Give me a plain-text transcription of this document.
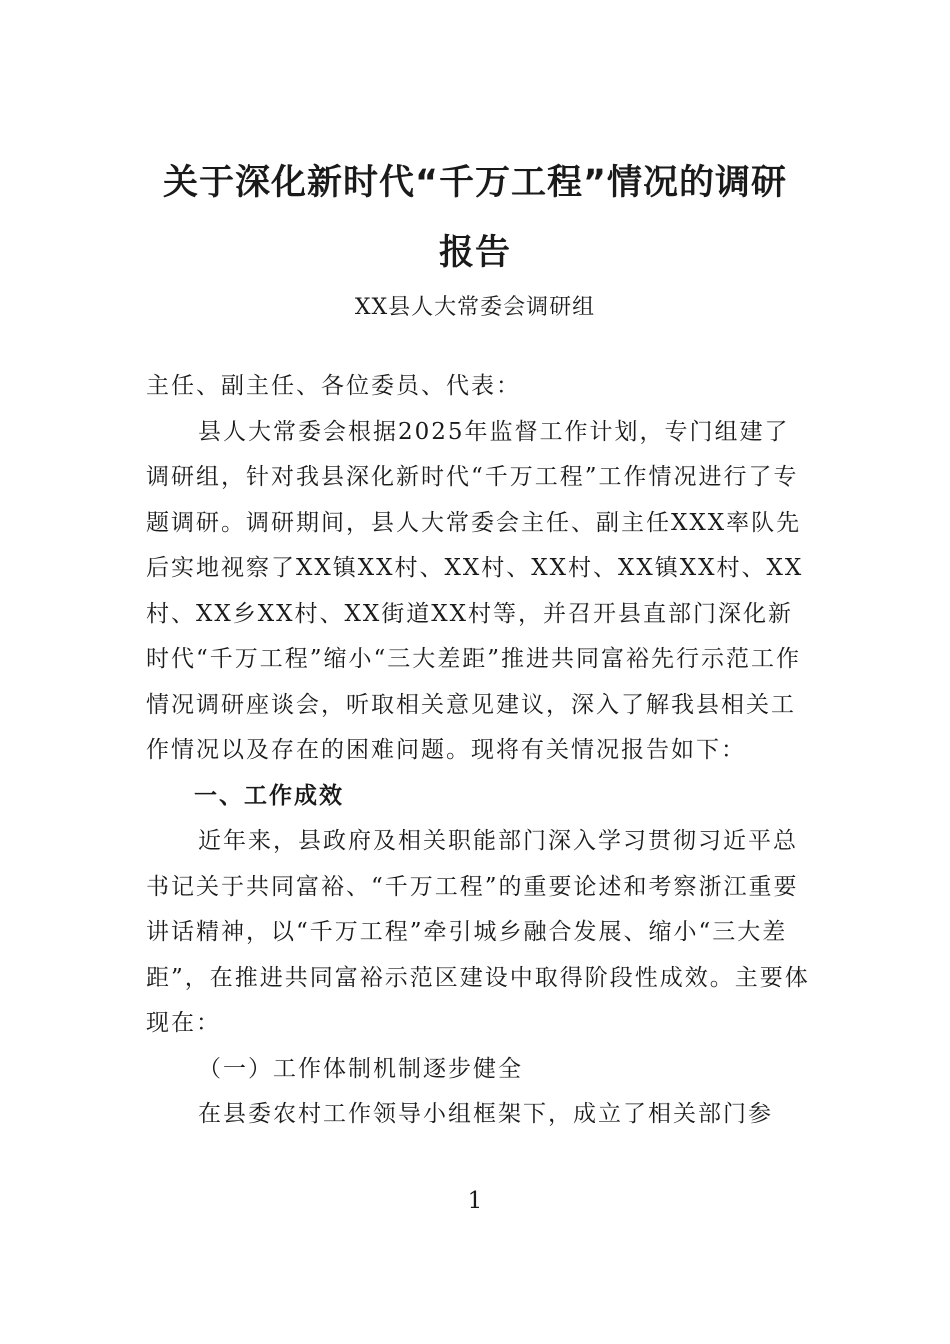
关于深化新时代“千万工程”情况的调研
报告

XX县人大常委会调研组

主任、副主任、各位委员、代表：

县人大常委会根据2025年监督工作计划，专门组建了调研组，针对我县深化新时代“千万工程”工作情况进行了专题调研。调研期间，县人大常委会主任、副主任XXX率队先后实地视察了XX镇XX村、XX村、XX村、XX镇XX村、XX村、XX乡XX村、XX街道XX村等，并召开县直部门深化新时代“千万工程”缩小“三大差距”推进共同富裕先行示范工作情况调研座谈会，听取相关意见建议，深入了解我县相关工作情况以及存在的困难问题。现将有关情况报告如下：

一、工作成效

近年来，县政府及相关职能部门深入学习贯彻习近平总书记关于共同富裕、“千万工程”的重要论述和考察浙江重要讲话精神，以“千万工程”牵引城乡融合发展、缩小“三大差距”，在推进共同富裕示范区建设中取得阶段性成效。主要体现在：

（一）工作体制机制逐步健全

在县委农村工作领导小组框架下，成立了相关部门参

1
